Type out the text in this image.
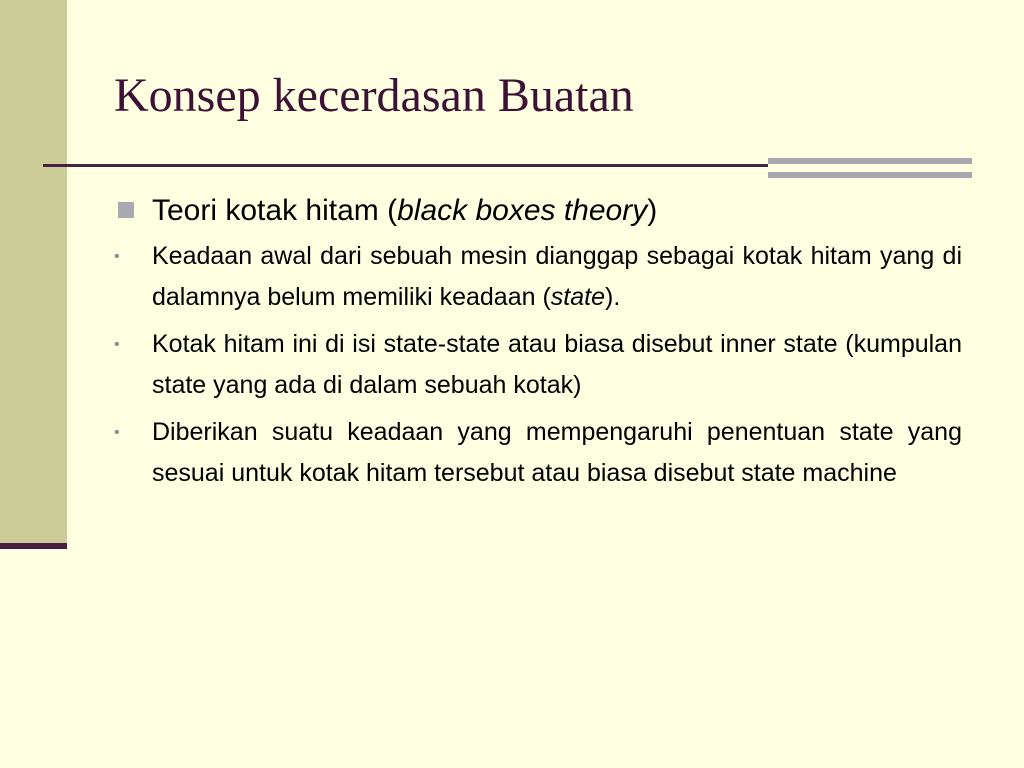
Konsep kecerdasan Buatan
Teori kotak hitam (black boxes theory)
• Keadaan awal dari sebuah mesin dianggap sebagai kotak hitam yang di dalamnya belum memiliki keadaan (state).
• Kotak hitam ini di isi state-state atau biasa disebut inner state (kumpulan state yang ada di dalam sebuah kotak)
• Diberikan suatu keadaan yang mempengaruhi penentuan state yang sesuai untuk kotak hitam tersebut atau biasa disebut state machine
